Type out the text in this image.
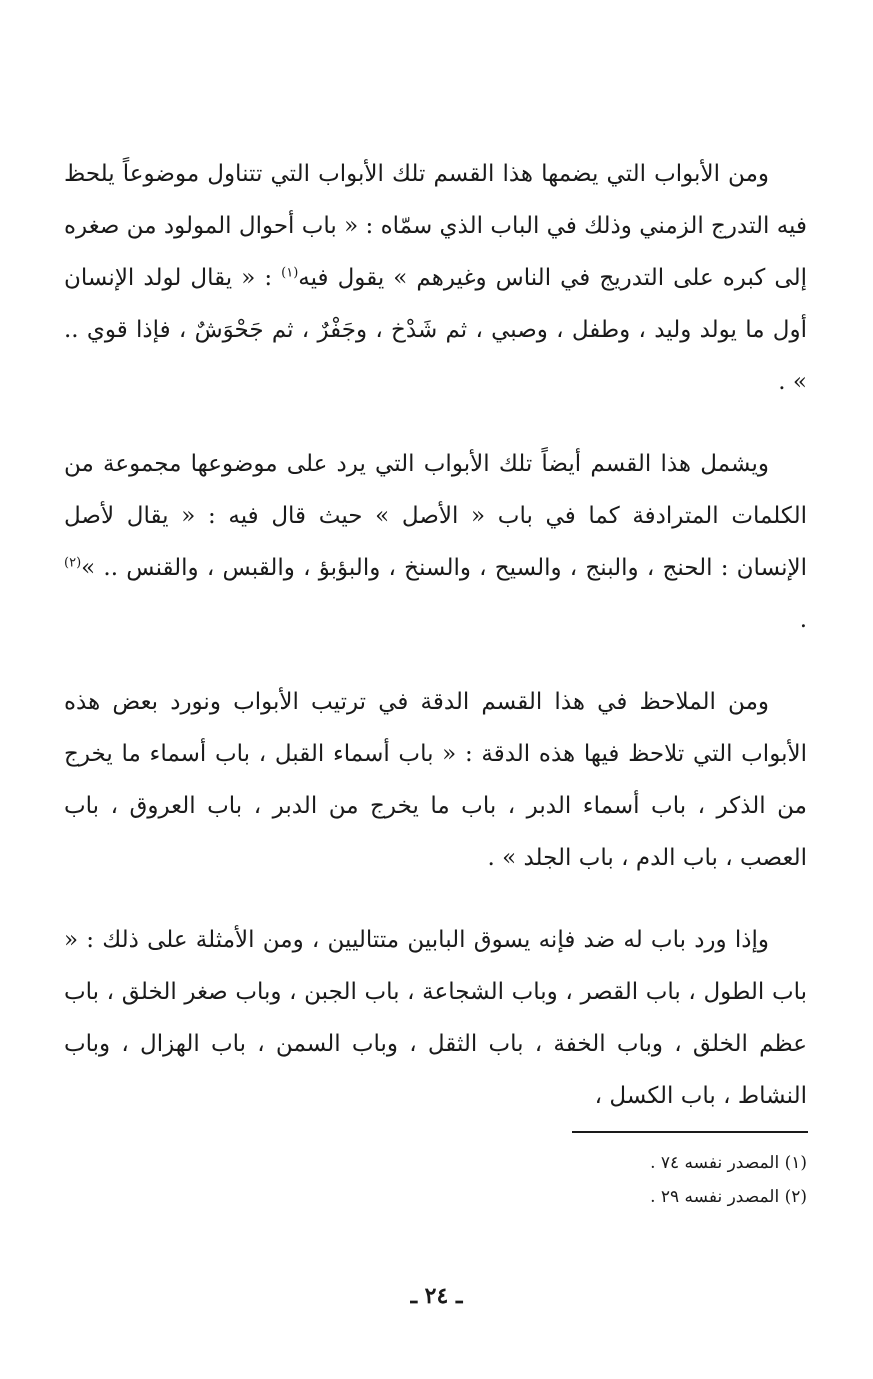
ومن الأبواب التي يضمها هذا القسم تلك الأبواب التي تتناول موضوعاً يلحظ فيه التدرج الزمني وذلك في الباب الذي سمّاه : « باب أحوال المولود من صغره إلى كبره على التدريج في الناس وغيرهم » يقول فيه$^{(١)}$ : « يقال لولد الإنسان أول ما يولد وليد ، وطفل ، وصبي ، ثم شَدْخ ، وجَفْرٌ ، ثم جَحْوَشٌ ، فإذا قوي .. » .

ويشمل هذا القسم أيضاً تلك الأبواب التي يرد على موضوعها مجموعة من الكلمات المترادفة كما في باب « الأصل » حيث قال فيه : « يقال لأصل الإنسان : الحنج ، والبنج ، والسيح ، والسنخ ، والبؤبؤ ، والقبس ، والقنس .. »$^{(٢)}$ .

ومن الملاحظ في هذا القسم الدقة في ترتيب الأبواب ونورد بعض هذه الأبواب التي تلاحظ فيها هذه الدقة : « باب أسماء القبل ، باب أسماء ما يخرج من الذكر ، باب أسماء الدبر ، باب ما يخرج من الدبر ، باب العروق ، باب العصب ، باب الدم ، باب الجلد » .

وإذا ورد باب له ضد فإنه يسوق البابين متتاليين ، ومن الأمثلة على ذلك : « باب الطول ، باب القصر ، وباب الشجاعة ، باب الجبن ، وباب صغر الخلق ، باب عظم الخلق ، وباب الخفة ، باب الثقل ، وباب السمن ، باب الهزال ، وباب النشاط ، باب الكسل ،

(١) المصدر نفسه ٧٤ .

(٢) المصدر نفسه ٢٩ .

ـ ٢٤ ـ
